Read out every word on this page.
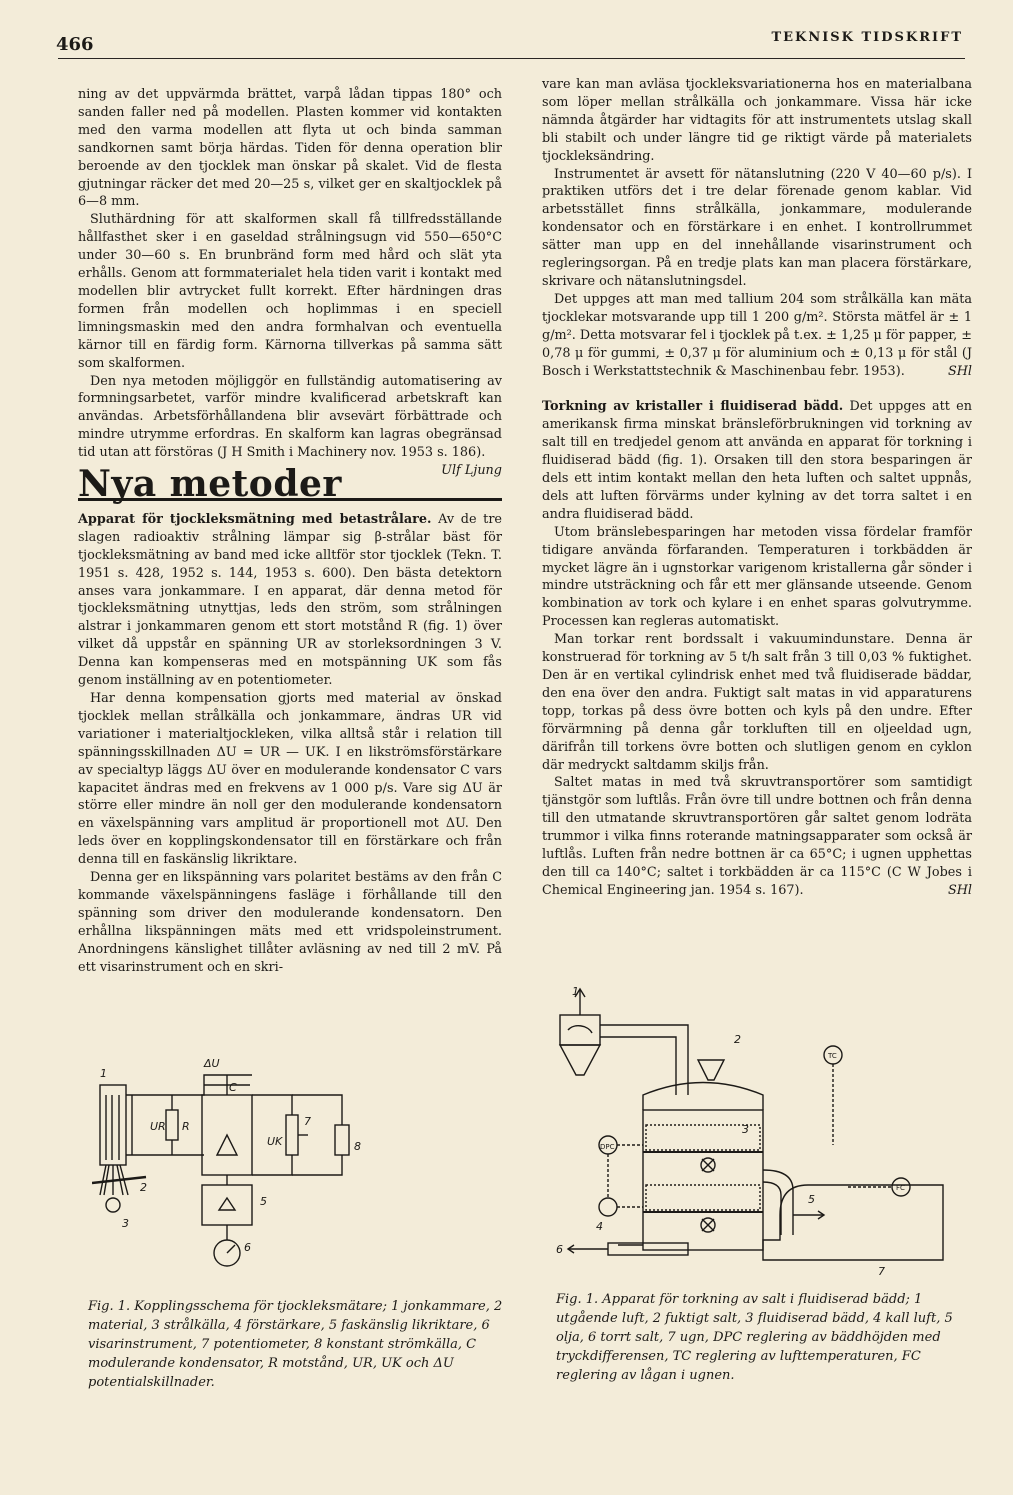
466	TEKNISK TIDSKRIFT

ning av det uppvärmda brättet, varpå lådan tippas 180° och sanden faller ned på modellen. Plasten kommer vid kontakten med den varma modellen att flyta ut och binda samman sandkornen samt börja härdas. Tiden för denna operation blir beroende av den tjocklek man önskar på skalet. Vid de flesta gjutningar räcker det med 20—25 s, vilket ger en skaltjocklek på 6—8 mm.

Sluthärdning för att skalformen skall få tillfredsställande hållfasthet sker i en gaseldad strålningsugn vid 550—650°C under 30—60 s. En brunbränd form med hård och slät yta erhålls. Genom att formmaterialet hela tiden varit i kontakt med modellen blir avtrycket fullt korrekt. Efter härdningen dras formen från modellen och hoplimmas i en speciell limningsmaskin med den andra formhalvan och eventuella kärnor till en färdig form. Kärnorna tillverkas på samma sätt som skalformen.

Den nya metoden möjliggör en fullständig automatisering av formningsarbetet, varför mindre kvalificerad arbetskraft kan användas. Arbetsförhållandena blir avsevärt förbättrade och mindre utrymme erfordras. En skalform kan lagras obegränsad tid utan att förstöras (J H Smith i Machinery nov. 1953 s. 186).
Ulf Ljung

Nya metoder

Apparat för tjockleksmätning med betastrålare. Av de tre slagen radioaktiv strålning lämpar sig β-strålar bäst för tjockleksmätning av band med icke alltför stor tjocklek (Tekn. T. 1951 s. 428, 1952 s. 144, 1953 s. 600). Den bästa detektorn anses vara jonkammare. I en apparat, där denna metod för tjockleksmätning utnyttjas, leds den ström, som strålningen alstrar i jonkammaren genom ett stort motstånd R (fig. 1) över vilket då uppstår en spänning UR av storleksordningen 3 V. Denna kan kompenseras med en motspänning UK som fås genom inställning av en potentiometer.

Har denna kompensation gjorts med material av önskad tjocklek mellan strålkälla och jonkammare, ändras UR vid variationer i materialtjockleken, vilka alltså står i relation till spänningsskillnaden ΔU = UR — UK. I en likströmsförstärkare av specialtyp läggs ΔU över en modulerande kondensator C vars kapacitet ändras med en frekvens av 1 000 p/s. Vare sig ΔU är större eller mindre än noll ger den modulerande kondensatorn en växelspänning vars amplitud är proportionell mot ΔU. Den leds över en kopplingskondensator till en förstärkare och från denna till en faskänslig likriktare.

Denna ger en likspänning vars polaritet bestäms av den från C kommande växelspänningens fasläge i förhållande till den spänning som driver den modulerande kondensatorn. Den erhållna likspänningen mäts med ett vridspoleinstrument. Anordningens känslighet tillåter avläsning av ned till 2 mV. På ett visarinstrument och en skri-

ΔU
C
1
UR R	7
UK	8
2
3
5
6
Fig. 1. Kopplingsschema för tjockleksmätare; 1 jonkammare, 2 material, 3 strålkälla, 4 förstärkare, 5 faskänslig likriktare, 6 visarinstrument, 7 potentiometer, 8 konstant strömkälla, C modulerande kondensator, R motstånd, UR, UK och ΔU potentialskillnader.

vare kan man avläsa tjockleksvariationerna hos en materialbana som löper mellan strålkälla och jonkammare. Vissa här icke nämnda åtgärder har vidtagits för att instrumentets utslag skall bli stabilt och under längre tid ge riktigt värde på materialets tjockleksändring.

Instrumentet är avsett för nätanslutning (220 V 40—60 p/s). I praktiken utförs det i tre delar förenade genom kablar. Vid arbetsstället finns strålkälla, jonkammare, modulerande kondensator och en förstärkare i en enhet. I kontrollrummet sätter man upp en del innehållande visarinstrument och regleringsorgan. På en tredje plats kan man placera förstärkare, skrivare och nätanslutningsdel.

Det uppges att man med tallium 204 som strålkälla kan mäta tjocklekar motsvarande upp till 1 200 g/m². Största mätfel är ± 1 g/m². Detta motsvarar fel i tjocklek på t.ex. ± 1,25 μ för papper, ± 0,78 μ för gummi, ± 0,37 μ för aluminium och ± 0,13 μ för stål (J Bosch i Werkstattstechnik & Maschinenbau febr. 1953).	SHl

Torkning av kristaller i fluidiserad bädd. Det uppges att en amerikansk firma minskat bränsleförbrukningen vid torkning av salt till en tredjedel genom att använda en apparat för torkning i fluidiserad bädd (fig. 1). Orsaken till den stora besparingen är dels ett intim kontakt mellan den heta luften och saltet uppnås, dels att luften förvärms under kylning av det torra saltet i en andra fluidiserad bädd.

Utom bränslebesparingen har metoden vissa fördelar framför tidigare använda förfaranden. Temperaturen i torkbädden är mycket lägre än i ugnstorkar varigenom kristallerna går sönder i mindre utsträckning och får ett mer glänsande utseende. Genom kombination av tork och kylare i en enhet sparas golvutrymme. Processen kan regleras automatiskt.

Man torkar rent bordssalt i vakuumindunstare. Denna är konstruerad för torkning av 5 t/h salt från 3 till 0,03 % fuktighet. Den är en vertikal cylindrisk enhet med två fluidiserade bäddar, den ena över den andra. Fuktigt salt matas in vid apparaturens topp, torkas på dess övre botten och kyls på den undre. Efter förvärmning på denna går torkluften till en oljeeldad ugn, därifrån till torkens övre botten och slutligen genom en cyklon där medryckt saltdamm skiljs från.

Saltet matas in med två skruvtransportörer som samtidigt tjänstgör som luftlås. Från övre till undre bottnen och från denna till den utmatande skruvtransportören går saltet genom lodräta trummor i vilka finns roterande matningsapparater som också är luftlås. Luften från nedre bottnen är ca 65°C; i ugnen upphettas den till ca 140°C; saltet i torkbädden är ca 115°C (C W Jobes i Chemical Engineering jan. 1954 s. 167).	SHl

1
2
3
4
5
6
7
DPC
TC
FC
Fig. 1. Apparat för torkning av salt i fluidiserad bädd; 1 utgående luft, 2 fuktigt salt, 3 fluidiserad bädd, 4 kall luft, 5 olja, 6 torrt salt, 7 ugn, DPC reglering av bäddhöjden med tryckdifferensen, TC reglering av lufttemperaturen, FC reglering av lågan i ugnen.
